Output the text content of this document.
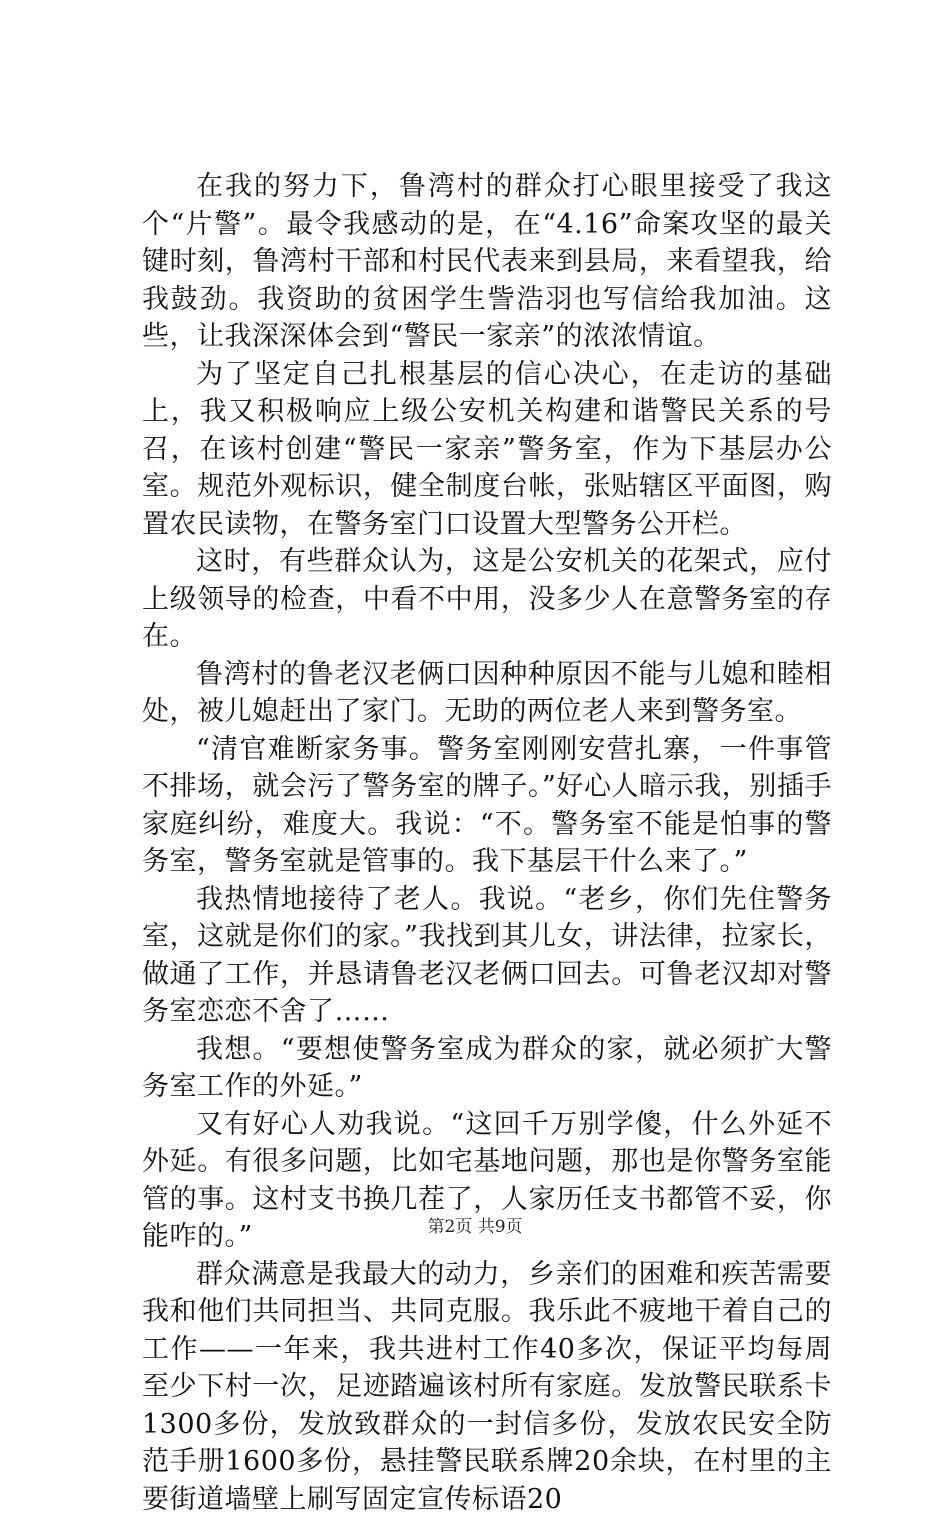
在我的努力下，鲁湾村的群众打心眼里接受了我这个“片警”。最令我感动的是，在“4.16”命案攻坚的最关键时刻，鲁湾村干部和村民代表来到县局，来看望我，给我鼓劲。我资助的贫困学生訾浩羽也写信给我加油。这些，让我深深体会到“警民一家亲”的浓浓情谊。

为了坚定自己扎根基层的信心决心，在走访的基础上，我又积极响应上级公安机关构建和谐警民关系的号召，在该村创建“警民一家亲”警务室，作为下基层办公室。规范外观标识，健全制度台帐，张贴辖区平面图，购置农民读物，在警务室门口设置大型警务公开栏。

这时，有些群众认为，这是公安机关的花架式，应付上级领导的检查，中看不中用，没多少人在意警务室的存在。

鲁湾村的鲁老汉老俩口因种种原因不能与儿媳和睦相处，被儿媳赶出了家门。无助的两位老人来到警务室。

“清官难断家务事。警务室刚刚安营扎寨，一件事管不排场，就会污了警务室的牌子。”好心人暗示我，别插手家庭纠纷，难度大。我说：“不。警务室不能是怕事的警务室，警务室就是管事的。我下基层干什么来了。”

我热情地接待了老人。我说。“老乡，你们先住警务室，这就是你们的家。”我找到其儿女，讲法律，拉家长，做通了工作，并恳请鲁老汉老俩口回去。可鲁老汉却对警务室恋恋不舍了……

我想。“要想使警务室成为群众的家，就必须扩大警务室工作的外延。”

又有好心人劝我说。“这回千万别学傻，什么外延不外延。有很多问题，比如宅基地问题，那也是你警务室能管的事。这村支书换几茬了，人家历任支书都管不妥，你能咋的。”

群众满意是我最大的动力，乡亲们的困难和疾苦需要我和他们共同担当、共同克服。我乐此不疲地干着自己的工作——一年来，我共进村工作40多次，保证平均每周至少下村一次，足迹踏遍该村所有家庭。发放警民联系卡1300多份，发放致群众的一封信多份，发放农民安全防范手册1600多份，悬挂警民联系牌20余块，在村里的主要街道墙壁上刷写固定宣传标语20

第2页 共9页
